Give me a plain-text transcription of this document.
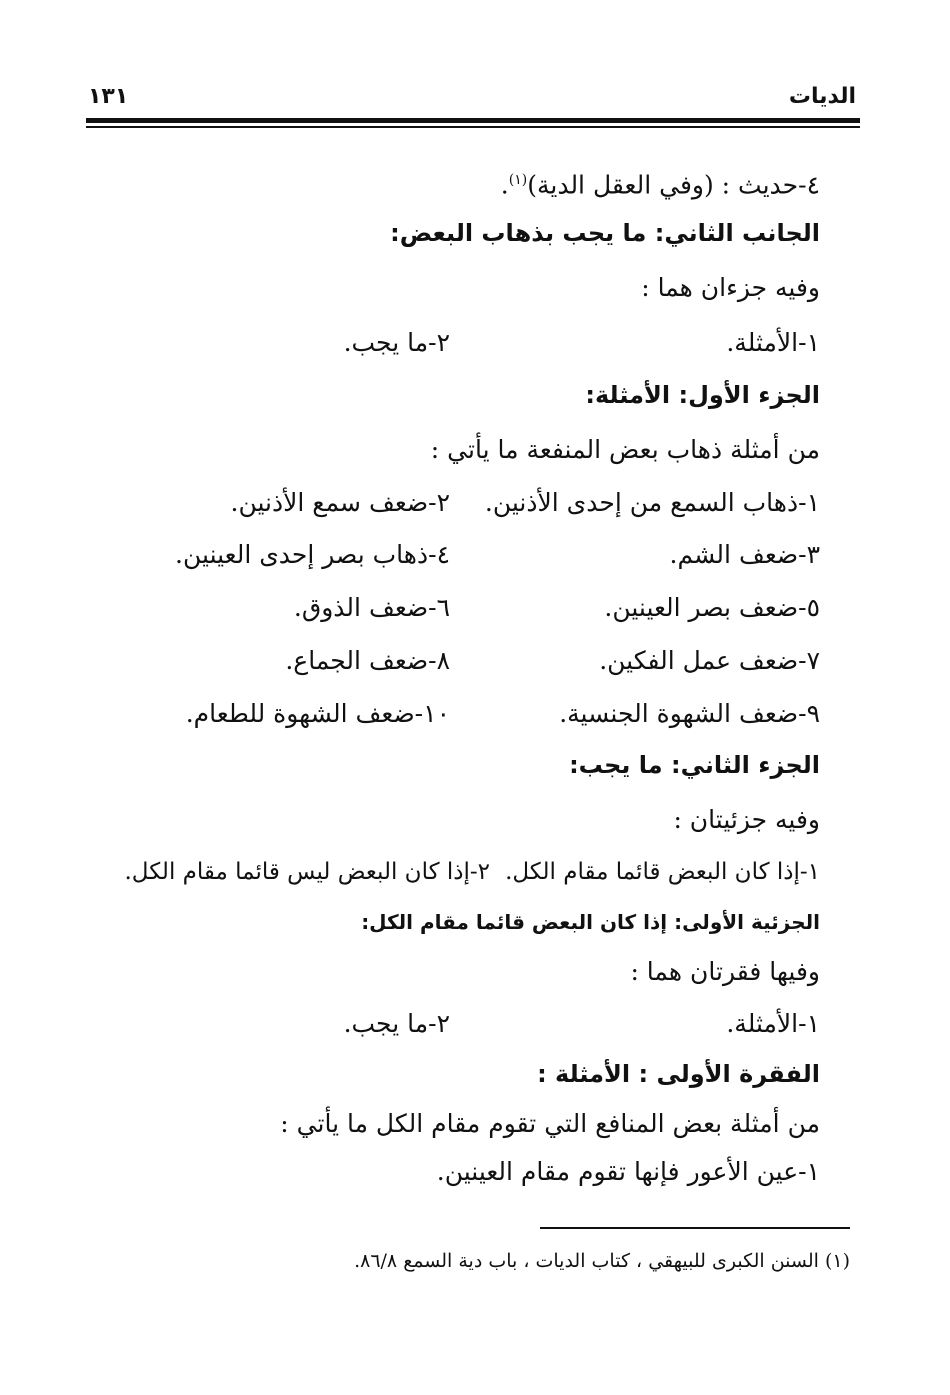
الديات
١٣١
٤-حديث : (وفي العقل الدية)$^{(١)}$.
الجانب الثاني: ما يجب بذهاب البعض:
وفيه جزءان هما :
١-الأمثلة.
٢-ما يجب.
الجزء الأول: الأمثلة:
من أمثلة ذهاب بعض المنفعة ما يأتي :
١-ذهاب السمع من إحدى الأذنين.
٢-ضعف سمع الأذنين.
٣-ضعف الشم.
٤-ذهاب بصر إحدى العينين.
٥-ضعف بصر العينين.
٦-ضعف الذوق.
٧-ضعف عمل الفكين.
٨-ضعف الجماع.
٩-ضعف الشهوة الجنسية.
١٠-ضعف الشهوة للطعام.
الجزء الثاني: ما يجب:
وفيه جزئيتان :
١-إذا كان البعض قائما مقام الكل.
٢-إذا كان البعض ليس قائما مقام الكل.
الجزئية الأولى: إذا كان البعض قائما مقام الكل:
وفيها فقرتان هما :
١-الأمثلة.
٢-ما يجب.
الفقرة الأولى : الأمثلة :
من أمثلة بعض المنافع التي تقوم مقام الكل ما يأتي :
١-عين الأعور فإنها تقوم مقام العينين.
(١) السنن الكبرى للبيهقي ، كتاب الديات ، باب دية السمع ٨٦/٨.
